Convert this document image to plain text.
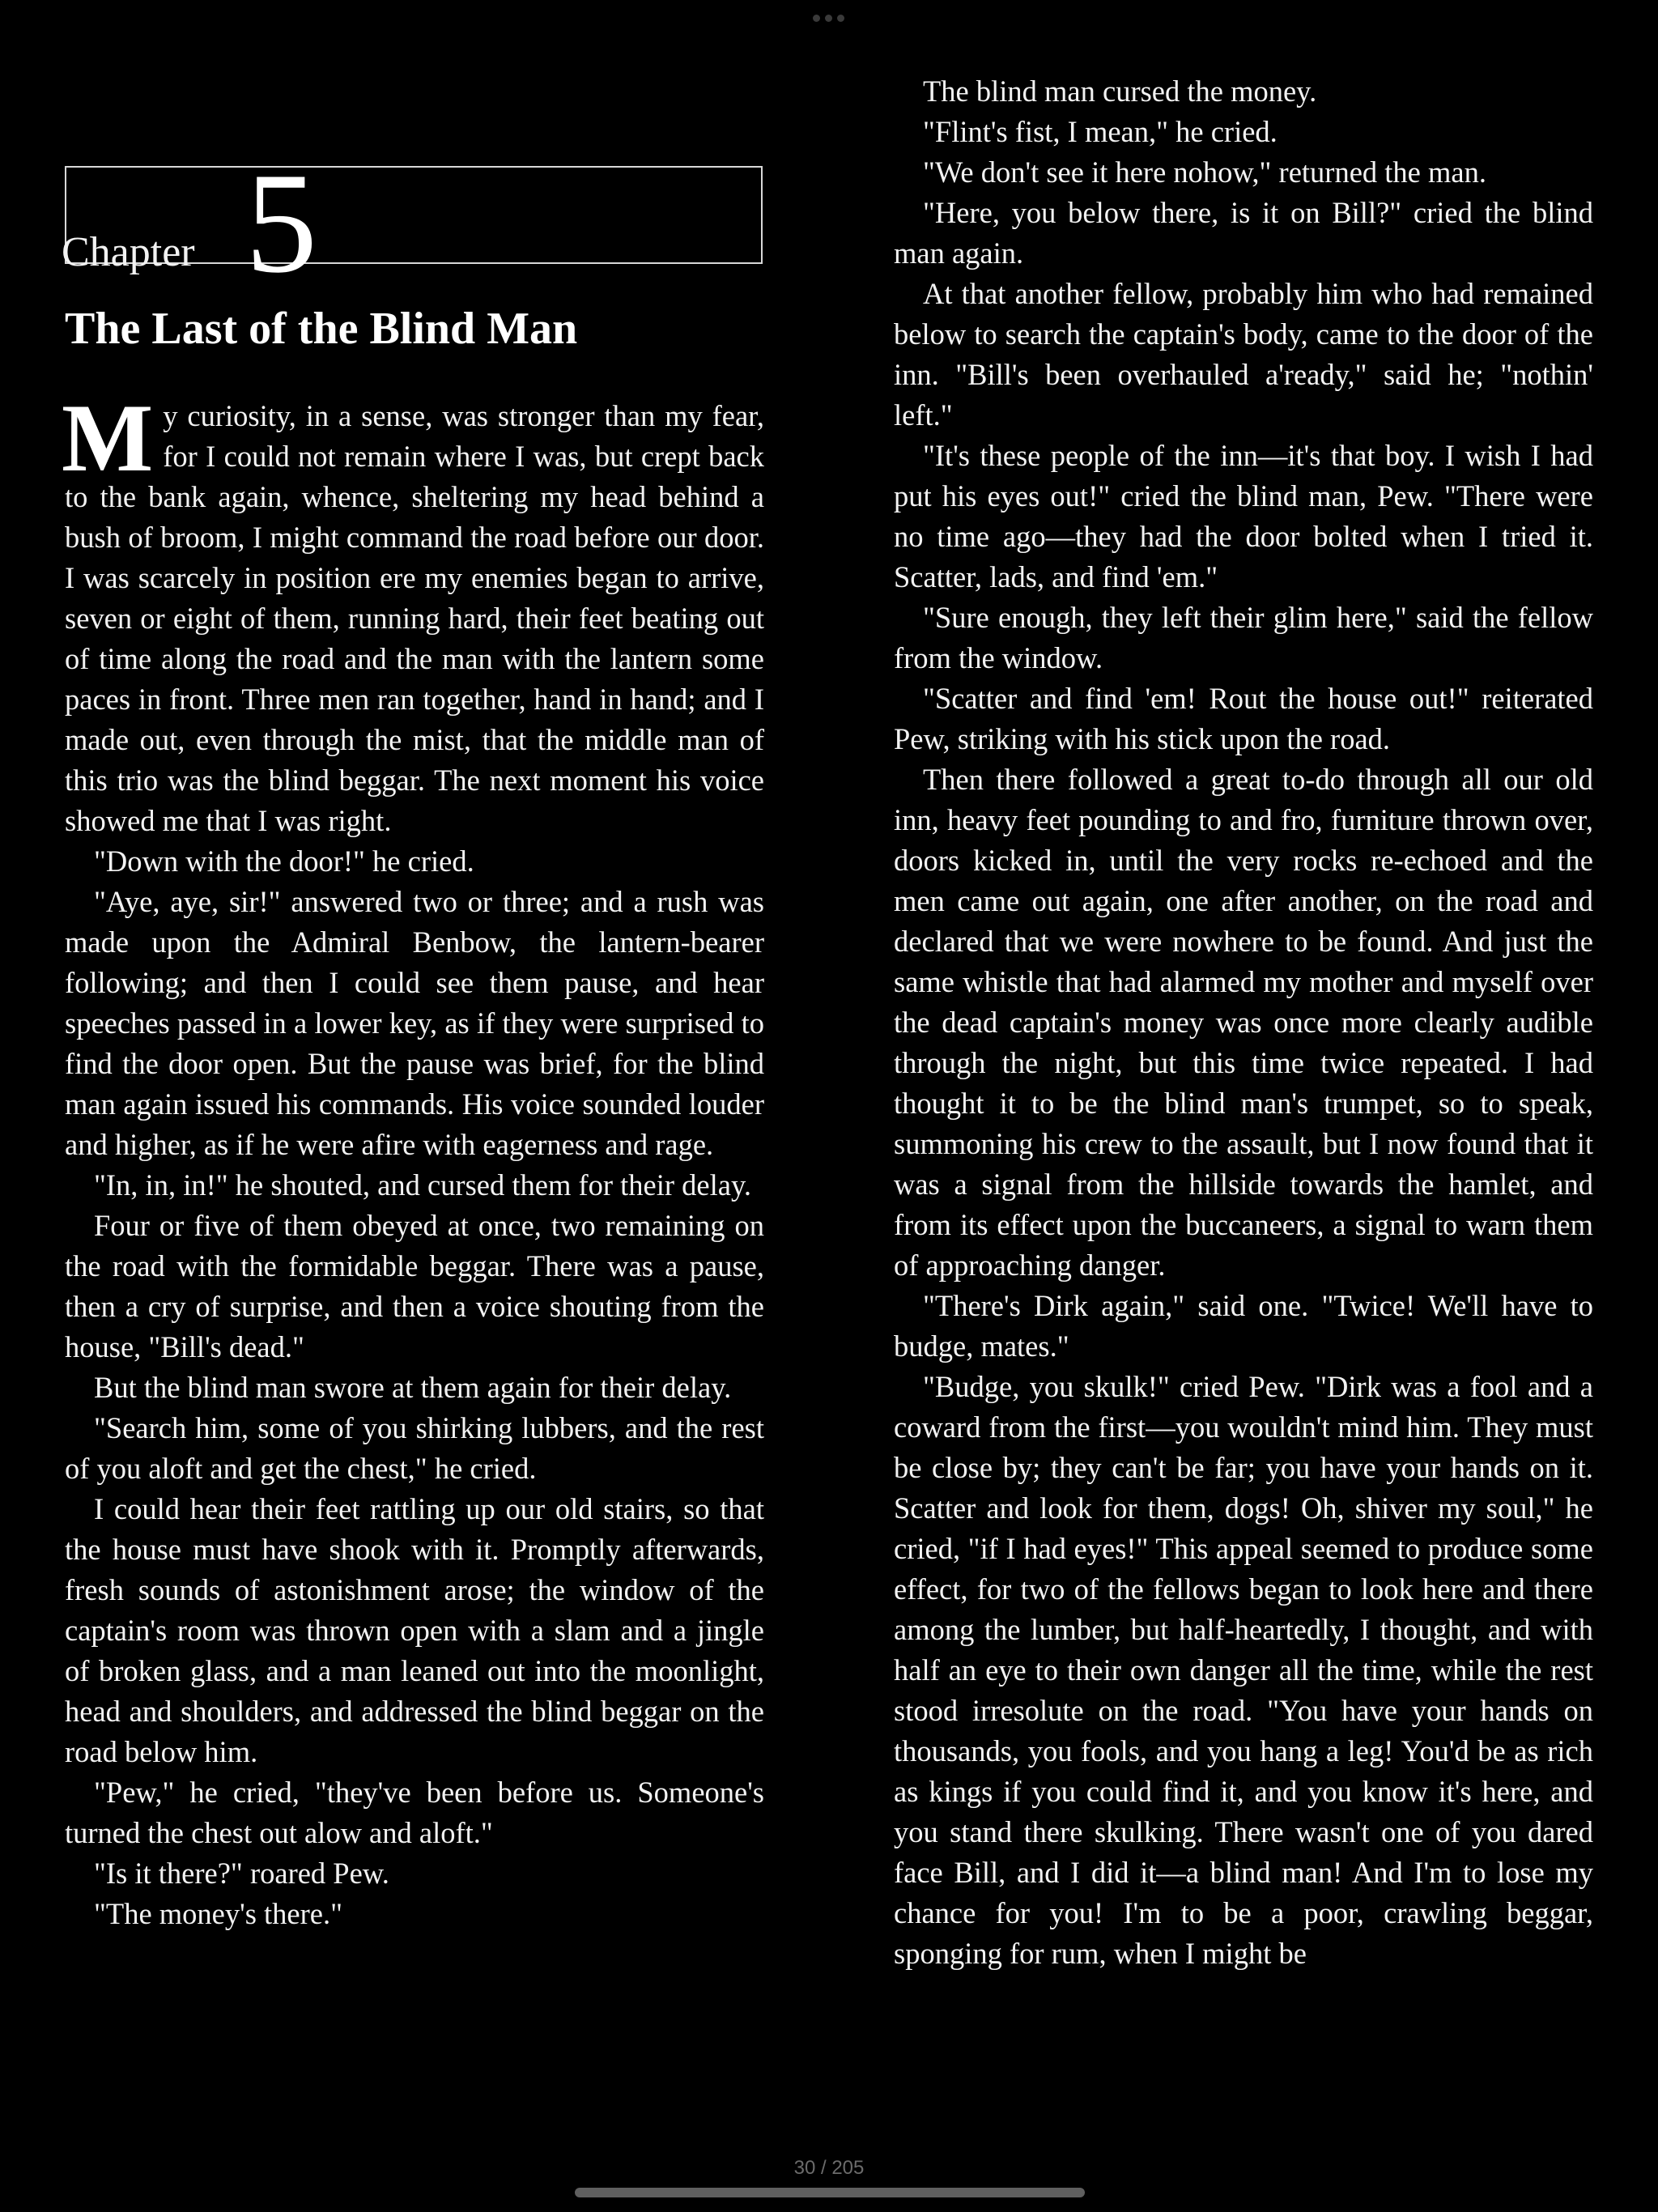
Chapter 5
The Last of the Blind Man

My curiosity, in a sense, was stronger than my fear, for I could not remain where I was, but crept back to the bank again, whence, sheltering my head behind a bush of broom, I might command the road before our door. I was scarcely in position ere my enemies began to arrive, seven or eight of them, running hard, their feet beating out of time along the road and the man with the lantern some paces in front. Three men ran together, hand in hand; and I made out, even through the mist, that the middle man of this trio was the blind beggar. The next moment his voice showed me that I was right.

"Down with the door!" he cried.

"Aye, aye, sir!" answered two or three; and a rush was made upon the Admiral Benbow, the lantern-bearer following; and then I could see them pause, and hear speeches passed in a lower key, as if they were surprised to find the door open. But the pause was brief, for the blind man again issued his commands. His voice sounded louder and higher, as if he were afire with eagerness and rage.

"In, in, in!" he shouted, and cursed them for their delay.

Four or five of them obeyed at once, two remaining on the road with the formidable beggar. There was a pause, then a cry of surprise, and then a voice shouting from the house, "Bill's dead."

But the blind man swore at them again for their delay.

"Search him, some of you shirking lubbers, and the rest of you aloft and get the chest," he cried.

I could hear their feet rattling up our old stairs, so that the house must have shook with it. Promptly afterwards, fresh sounds of astonishment arose; the window of the captain's room was thrown open with a slam and a jingle of broken glass, and a man leaned out into the moonlight, head and shoulders, and addressed the blind beggar on the road below him.

"Pew," he cried, "they've been before us. Someone's turned the chest out alow and aloft."

"Is it there?" roared Pew.

"The money's there."

The blind man cursed the money.

"Flint's fist, I mean," he cried.

"We don't see it here nohow," returned the man.

"Here, you below there, is it on Bill?" cried the blind man again.

At that another fellow, probably him who had remained below to search the captain's body, came to the door of the inn. "Bill's been overhauled a'ready," said he; "nothin' left."

"It's these people of the inn—it's that boy. I wish I had put his eyes out!" cried the blind man, Pew. "There were no time ago—they had the door bolted when I tried it. Scatter, lads, and find 'em."

"Sure enough, they left their glim here," said the fellow from the window.

"Scatter and find 'em! Rout the house out!" reiterated Pew, striking with his stick upon the road.

Then there followed a great to-do through all our old inn, heavy feet pounding to and fro, furniture thrown over, doors kicked in, until the very rocks re-echoed and the men came out again, one after another, on the road and declared that we were nowhere to be found. And just the same whistle that had alarmed my mother and myself over the dead captain's money was once more clearly audible through the night, but this time twice repeated. I had thought it to be the blind man's trumpet, so to speak, summoning his crew to the assault, but I now found that it was a signal from the hillside towards the hamlet, and from its effect upon the buccaneers, a signal to warn them of approaching danger.

"There's Dirk again," said one. "Twice! We'll have to budge, mates."

"Budge, you skulk!" cried Pew. "Dirk was a fool and a coward from the first—you wouldn't mind him. They must be close by; they can't be far; you have your hands on it. Scatter and look for them, dogs! Oh, shiver my soul," he cried, "if I had eyes!" This appeal seemed to produce some effect, for two of the fellows began to look here and there among the lumber, but half-heartedly, I thought, and with half an eye to their own danger all the time, while the rest stood irresolute on the road. "You have your hands on thousands, you fools, and you hang a leg! You'd be as rich as kings if you could find it, and you know it's here, and you stand there skulking. There wasn't one of you dared face Bill, and I did it—a blind man! And I'm to lose my chance for you! I'm to be a poor, crawling beggar, sponging for rum, when I might be

30 / 205
